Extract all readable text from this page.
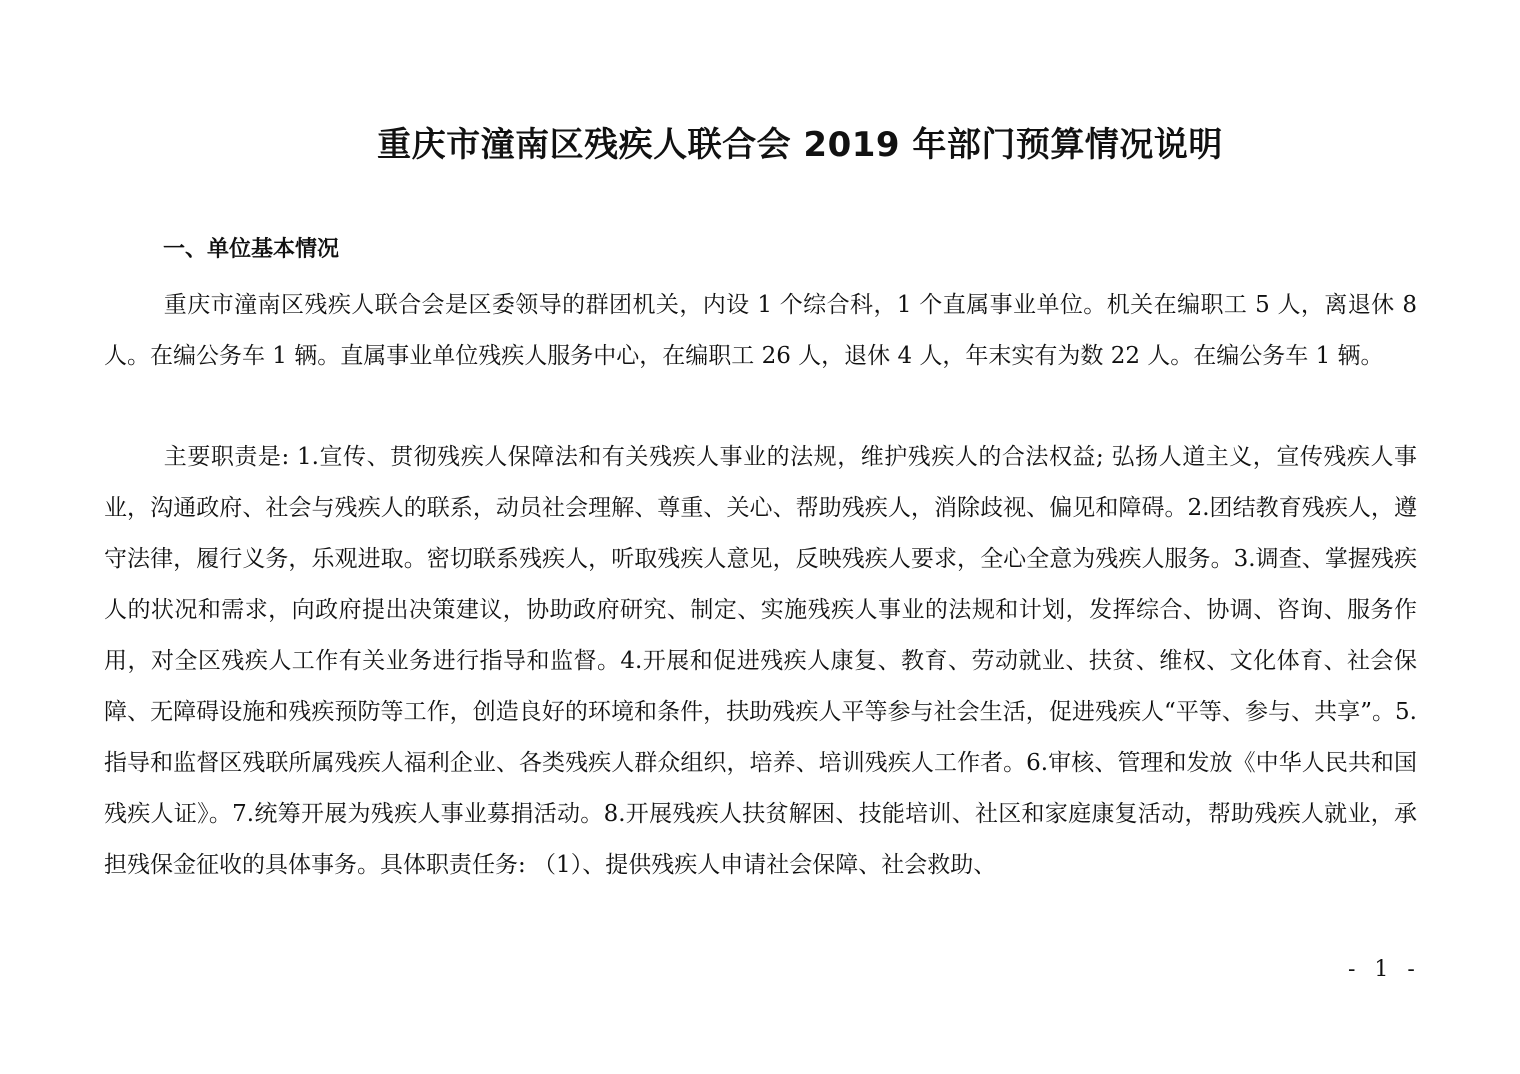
重庆市潼南区残疾人联合会 2019 年部门预算情况说明
一、单位基本情况

重庆市潼南区残疾人联合会是区委领导的群团机关，内设 1 个综合科，1 个直属事业单位。机关在编职工 5 人，离退休 8 人。在编公务车 1 辆。直属事业单位残疾人服务中心，在编职工 26 人，退休 4 人，年末实有为数 22 人。在编公务车 1 辆。

主要职责是: 1.宣传、贯彻残疾人保障法和有关残疾人事业的法规，维护残疾人的合法权益; 弘扬人道主义，宣传残疾人事业，沟通政府、社会与残疾人的联系，动员社会理解、尊重、关心、帮助残疾人，消除歧视、偏见和障碍。2.团结教育残疾人，遵守法律，履行义务，乐观进取。密切联系残疾人，听取残疾人意见，反映残疾人要求，全心全意为残疾人服务。3.调查、掌握残疾人的状况和需求，向政府提出决策建议，协助政府研究、制定、实施残疾人事业的法规和计划，发挥综合、协调、咨询、服务作用，对全区残疾人工作有关业务进行指导和监督。4.开展和促进残疾人康复、教育、劳动就业、扶贫、维权、文化体育、社会保障、无障碍设施和残疾预防等工作，创造良好的环境和条件，扶助残疾人平等参与社会生活，促进残疾人“平等、参与、共享”。5.指导和监督区残联所属残疾人福利企业、各类残疾人群众组织，培养、培训残疾人工作者。6.审核、管理和发放《中华人民共和国残疾人证》。7.统筹开展为残疾人事业募捐活动。8.开展残疾人扶贫解困、技能培训、社区和家庭康复活动，帮助残疾人就业，承担残保金征收的具体事务。具体职责任务: （1）、提供残疾人申请社会保障、社会救助、

- 1 -
